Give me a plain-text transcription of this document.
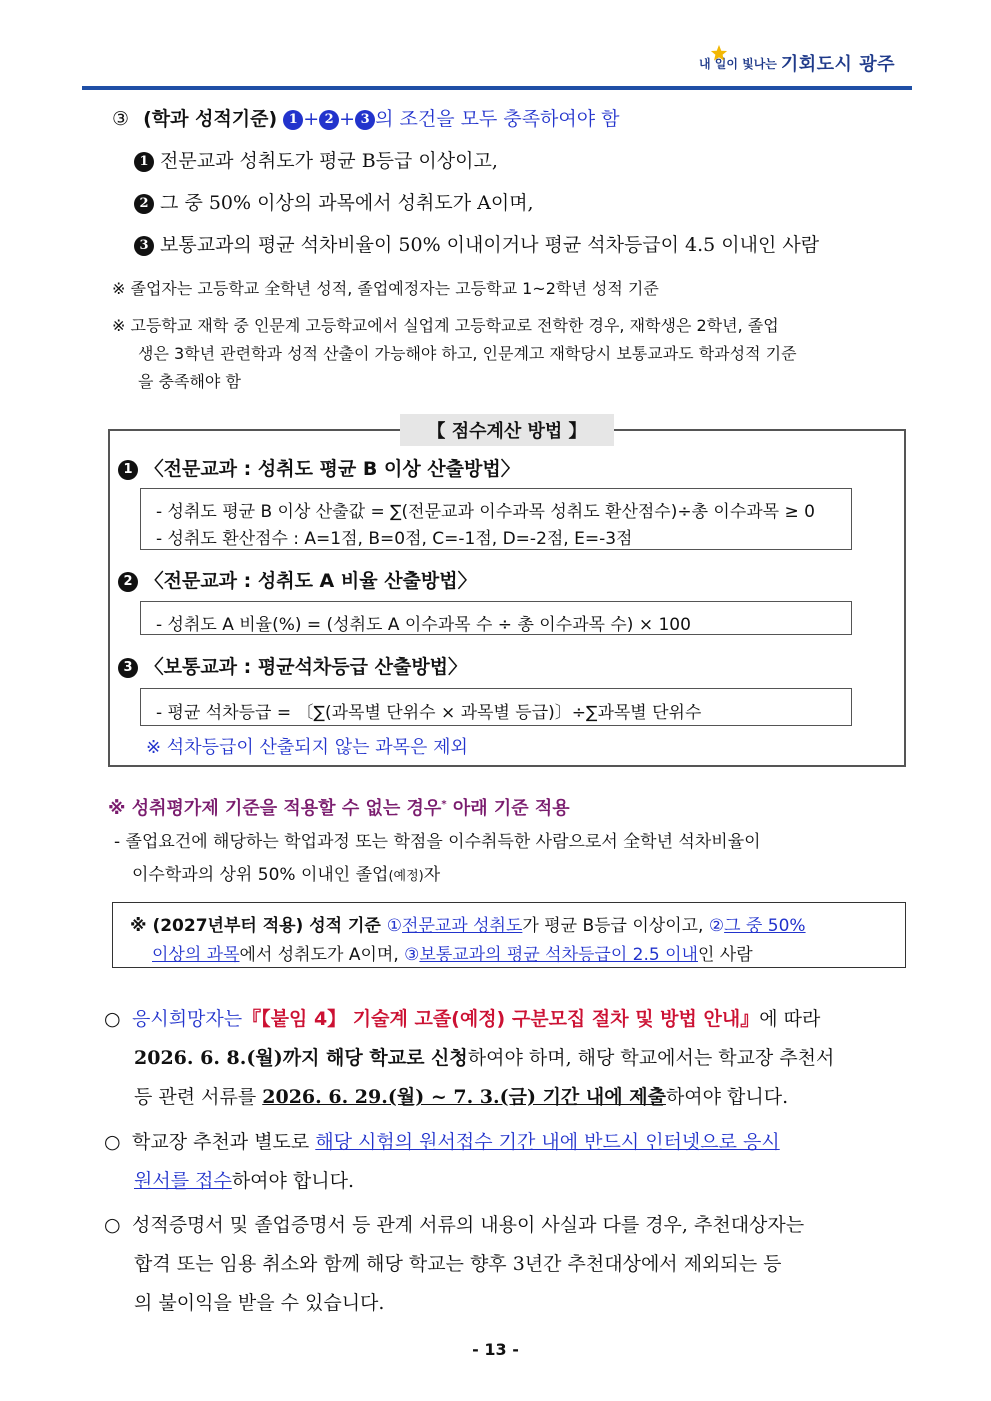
내 일이 빛나는 기회도시 광주
③ (학과 성적기준) 1 + 2 + 3 의 조건을 모두 충족하여야 함
1 전문교과 성취도가 평균 B등급 이상이고,
2 그 중 50% 이상의 과목에서 성취도가 A이며,
3 보통교과의 평균 석차비율이 50% 이내이거나 평균 석차등급이 4.5 이내인 사람
※ 졸업자는 고등학교 全학년 성적, 졸업예정자는 고등학교 1~2학년 성적 기준
※ 고등학교 재학 중 인문계 고등학교에서 실업계 고등학교로 전학한 경우, 재학생은 2학년, 졸업
생은 3학년 관련학과 성적 산출이 가능해야 하고, 인문계고 재학당시 보통교과도 학과성적 기준
을 충족해야 함
【 점수계산 방법 】
1 〈전문교과 : 성취도 평균 B 이상 산출방법〉
- 성취도 평균 B 이상 산출값 = ∑(전문교과 이수과목 성취도 환산점수)÷총 이수과목 ≥ 0
- 성취도 환산점수 : A=1점, B=0점, C=-1점, D=-2점, E=-3점
2 〈전문교과 : 성취도 A 비율 산출방법〉
- 성취도 A 비율(%) = (성취도 A 이수과목 수 ÷ 총 이수과목 수) × 100
3 〈보통교과 : 평균석차등급 산출방법〉
- 평균 석차등급 = 〔∑(과목별 단위수 × 과목별 등급)〕÷∑과목별 단위수
※ 석차등급이 산출되지 않는 과목은 제외
※ 성취평가제 기준을 적용할 수 없는 경우* 아래 기준 적용
- 졸업요건에 해당하는 학업과정 또는 학점을 이수취득한 사람으로서 全학년 석차비율이
이수학과의 상위 50% 이내인 졸업(예정)자
※ (2027년부터 적용) 성적 기준 ①전문교과 성취도가 평균 B등급 이상이고, ②그 중 50%
이상의 과목에서 성취도가 A이며, ③보통교과의 평균 석차등급이 2.5 이내인 사람
○ 응시희망자는『【붙임 4】 기술계 고졸(예정) 구분모집 절차 및 방법 안내』에 따라
2026. 6. 8.(월)까지 해당 학교로 신청하여야 하며, 해당 학교에서는 학교장 추천서
등 관련 서류를 2026. 6. 29.(월) ~ 7. 3.(금) 기간 내에 제출하여야 합니다.
○ 학교장 추천과 별도로 해당 시험의 원서접수 기간 내에 반드시 인터넷으로 응시
원서를 접수하여야 합니다.
○ 성적증명서 및 졸업증명서 등 관계 서류의 내용이 사실과 다를 경우, 추천대상자는
합격 또는 임용 취소와 함께 해당 학교는 향후 3년간 추천대상에서 제외되는 등
의 불이익을 받을 수 있습니다.
- 13 -
